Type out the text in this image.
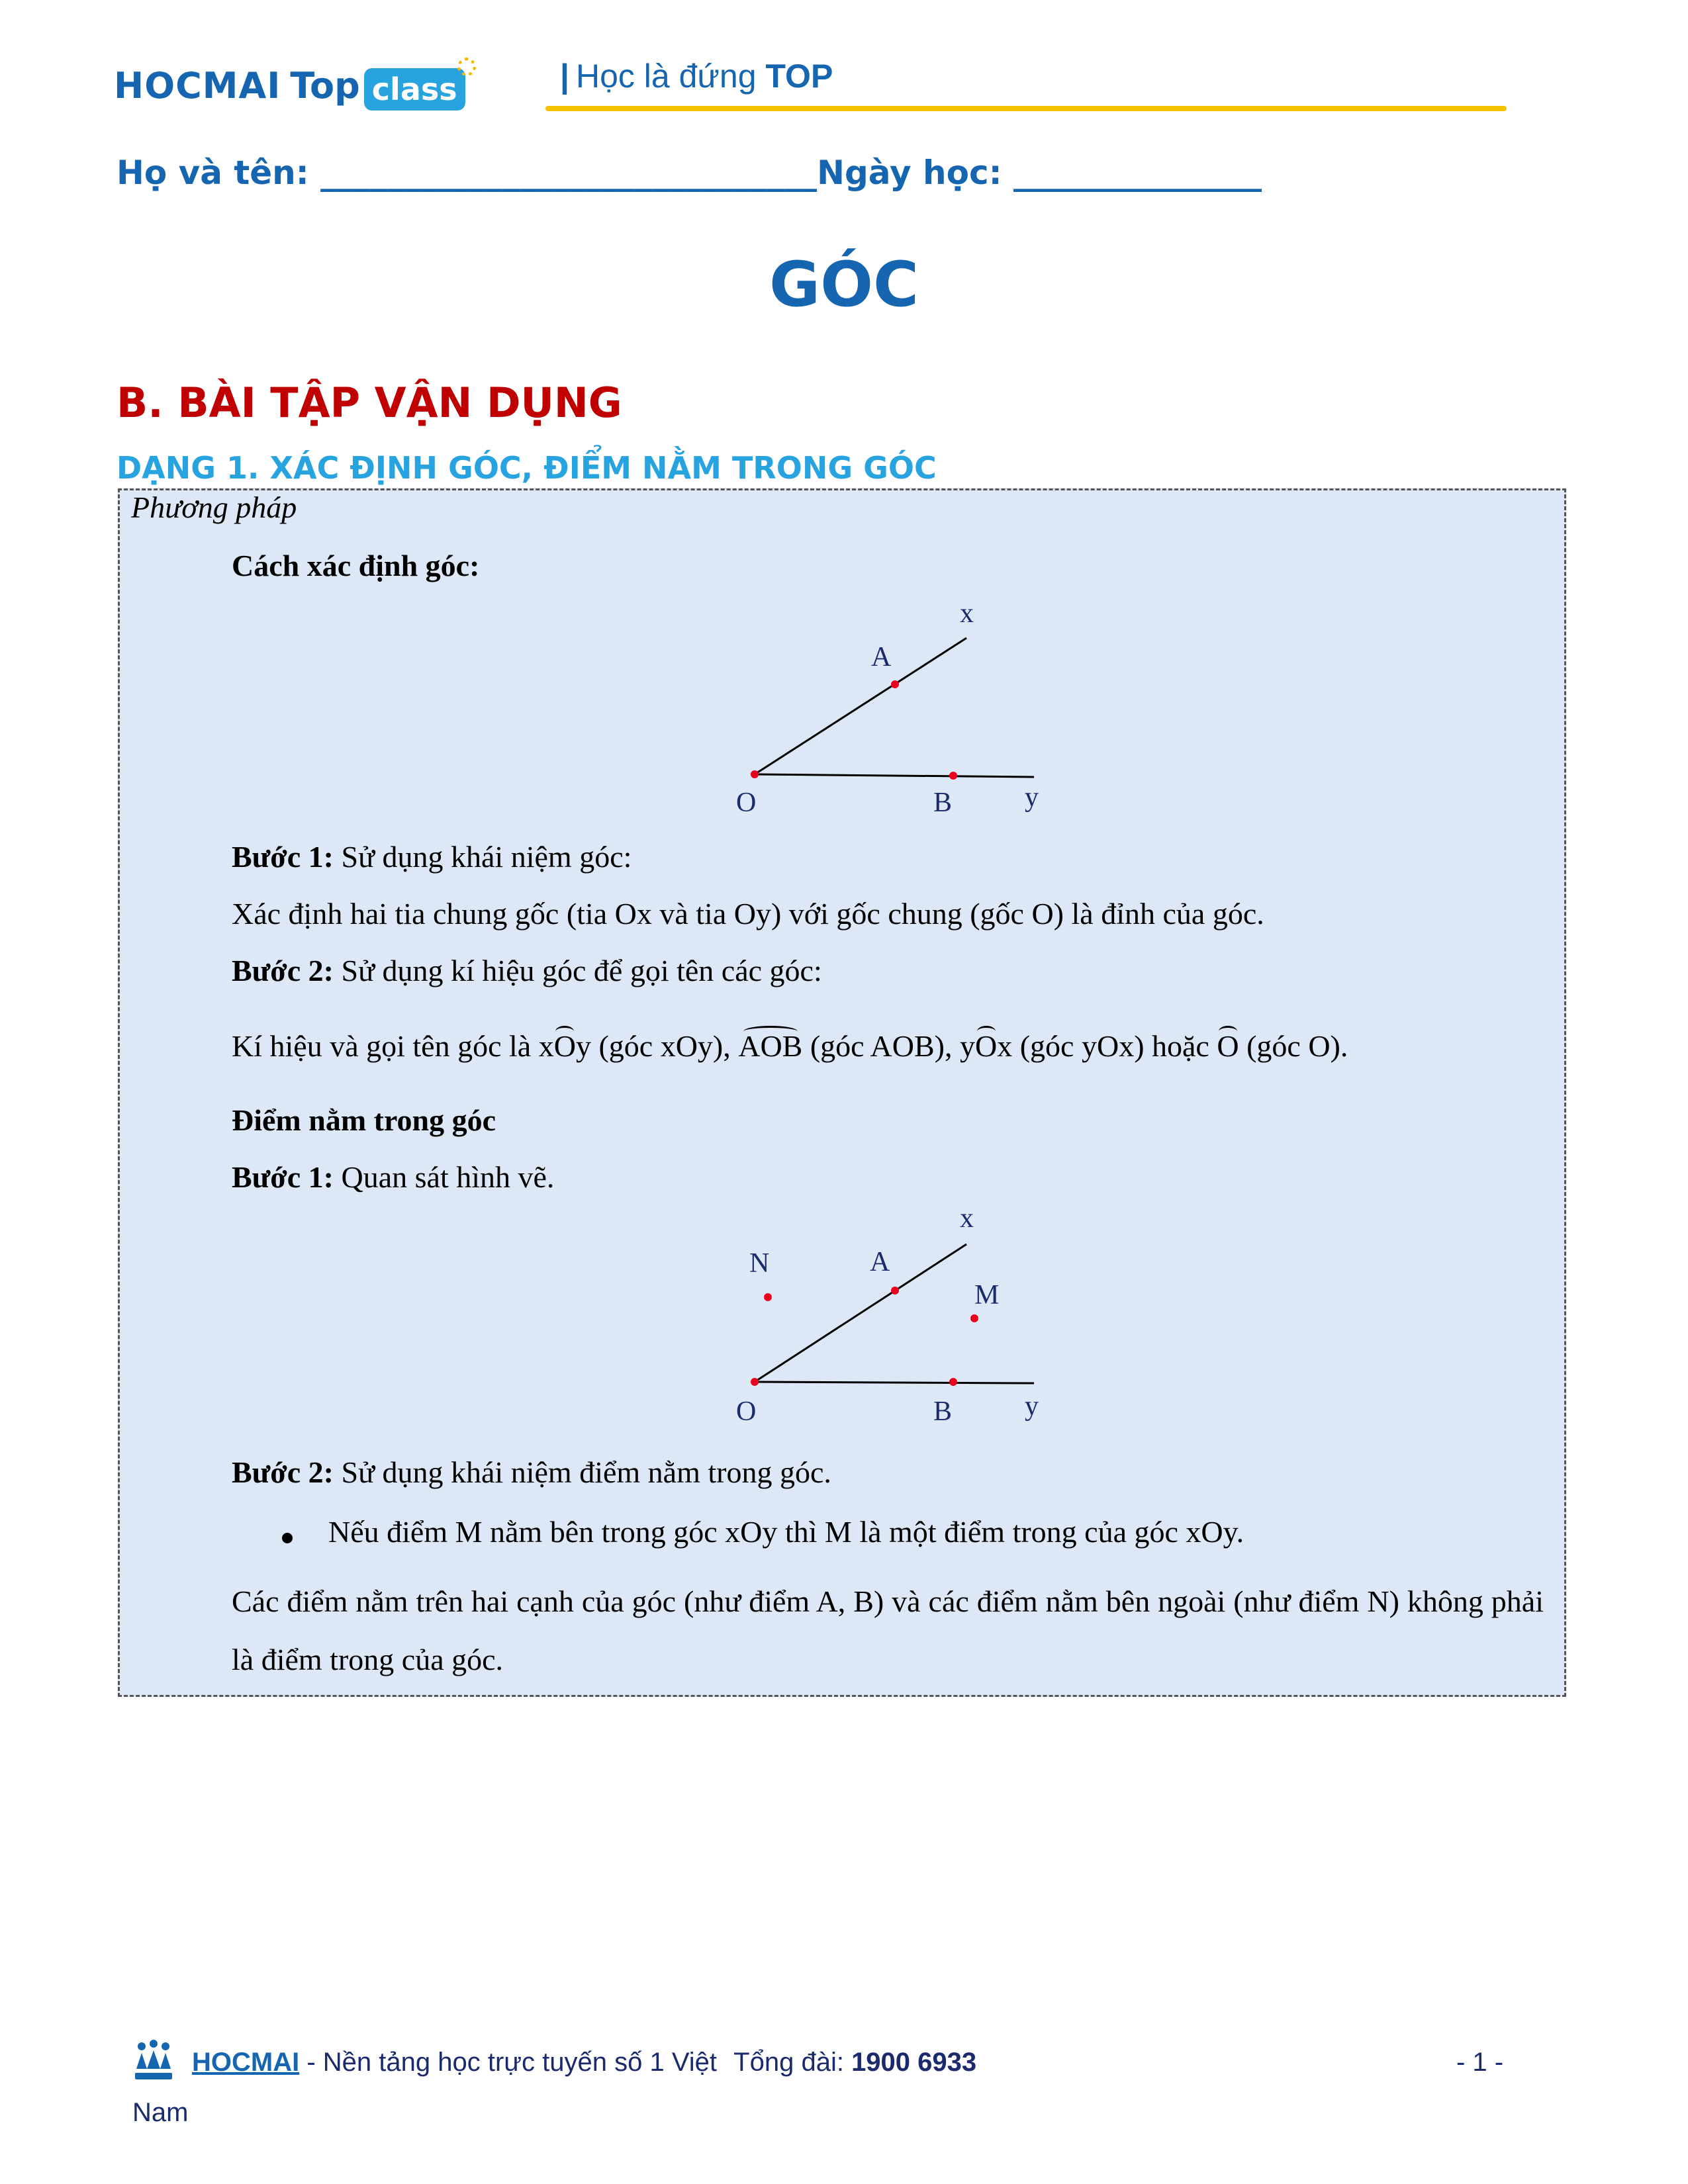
HOCMAI Top class	| Học là đứng TOP
Họ và tên: ______________________________Ngày học: _______________
GÓC
B. BÀI TẬP VẬN DỤNG
DẠNG 1. XÁC ĐỊNH GÓC, ĐIỂM NẰM TRONG GÓC
Phương pháp
Cách xác định góc:
x
A
O	B	y
Bước 1: Sử dụng khái niệm góc:
Xác định hai tia chung gốc (tia Ox và tia Oy) với gốc chung (gốc O) là đỉnh của góc.
Bước 2: Sử dụng kí hiệu góc để gọi tên các góc:
Kí hiệu và gọi tên góc là xOy (góc xOy), AOB (góc AOB), yOx (góc yOx) hoặc O (góc O).
Điểm nằm trong góc
Bước 1: Quan sát hình vẽ.
x
N	A
M
O	B	y
Bước 2: Sử dụng khái niệm điểm nằm trong góc.
Nếu điểm M nằm bên trong góc xOy thì M là một điểm trong của góc xOy.
Các điểm nằm trên hai cạnh của góc (như điểm A, B) và các điểm nằm bên ngoài (như điểm N) không phải là điểm trong của góc.
HOCMAI - Nền tảng học trực tuyến số 1 Việt Tổng đài: 1900 6933	- 1 -
Nam
